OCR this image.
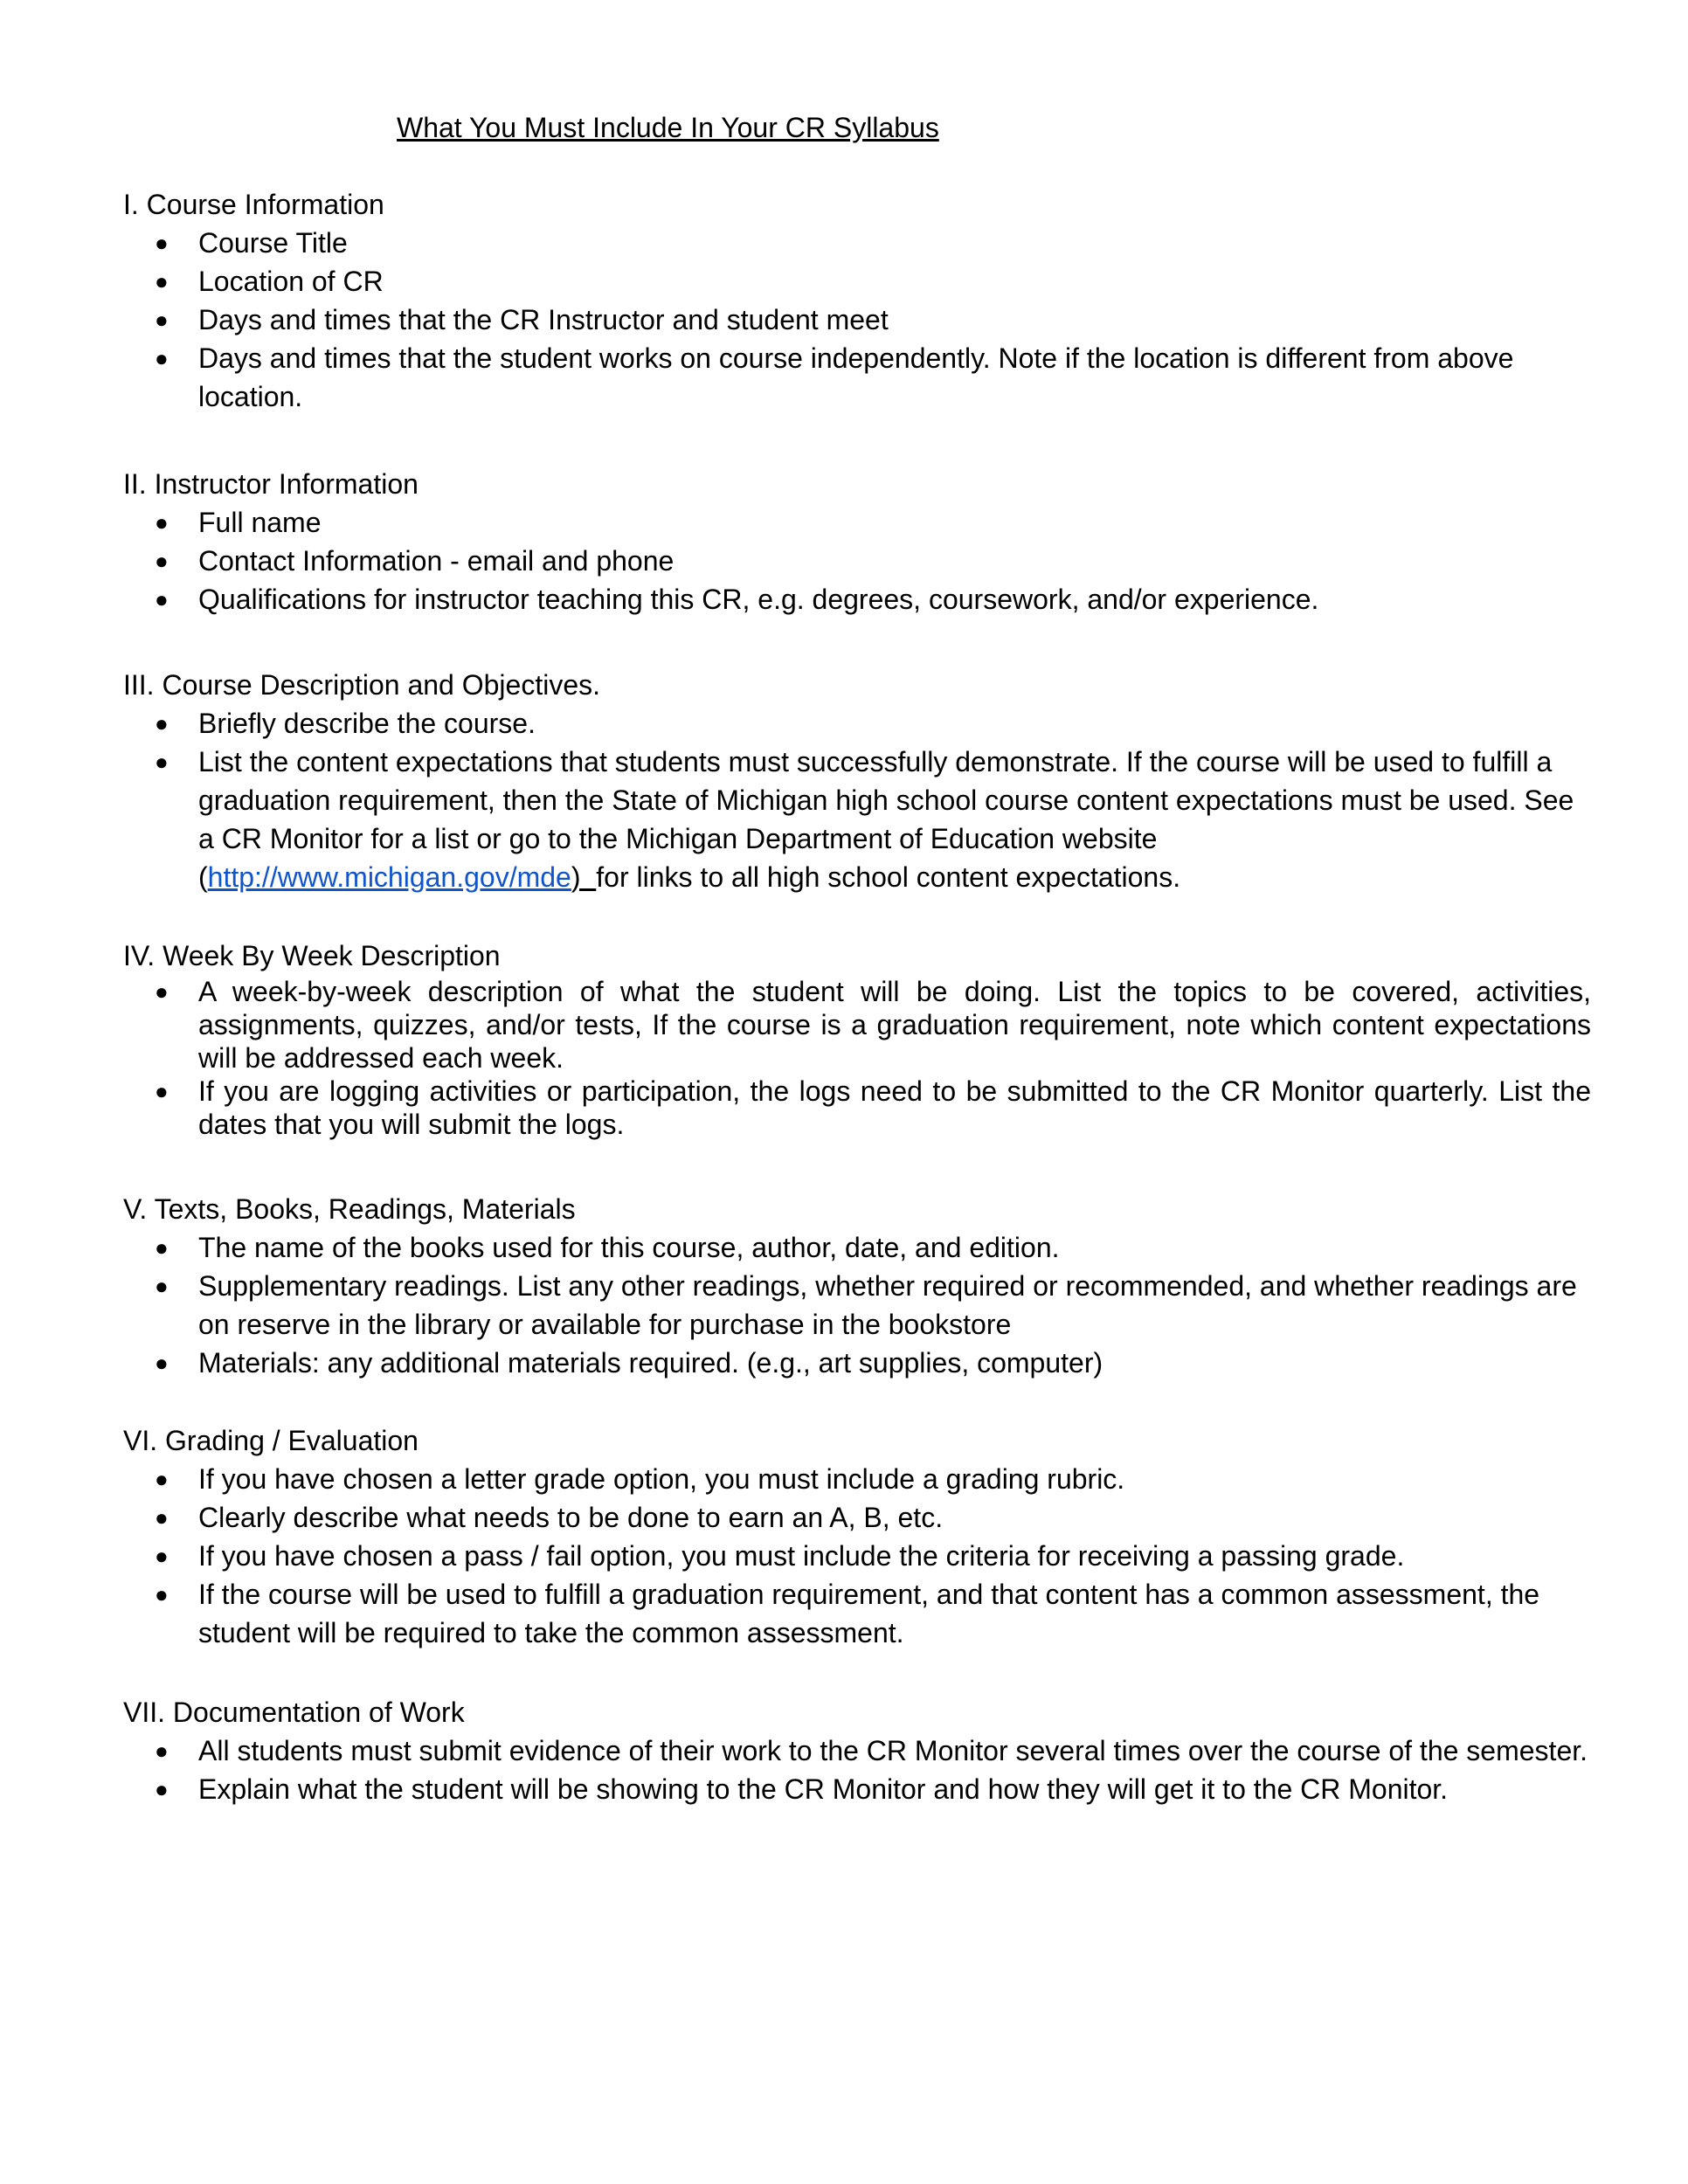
What You Must Include In Your CR Syllabus
I. Course Information
● Course Title
● Location of CR
● Days and times that the CR Instructor and student meet
● Days and times that the student works on course independently. Note if the location is different from above location.
II. Instructor Information
● Full name
● Contact Information - email and phone
● Qualifications for instructor teaching this CR, e.g. degrees, coursework, and/or experience.
III. Course Description and Objectives.
● Briefly describe the course.
● List the content expectations that students must successfully demonstrate. If the course will be used to fulfill a graduation requirement, then the State of Michigan high school course content expectations must be used. See a CR Monitor for a list or go to the Michigan Department of Education website
(http://www.michigan.gov/mde)  for links to all high school content expectations.
IV. Week By Week Description
● A week-by-week description of what the student will be doing. List the topics to be covered, activities, assignments, quizzes, and/or tests, If the course is a graduation requirement, note which content expectations will be addressed each week.
● If you are logging activities or participation, the logs need to be submitted to the CR Monitor quarterly. List the dates that you will submit the logs.
V. Texts, Books, Readings, Materials
● The name of the books used for this course, author, date, and edition.
● Supplementary readings. List any other readings, whether required or recommended, and whether readings are on reserve in the library or available for purchase in the bookstore
● Materials: any additional materials required. (e.g., art supplies, computer)
VI. Grading / Evaluation
● If you have chosen a letter grade option, you must include a grading rubric.
● Clearly describe what needs to be done to earn an A, B, etc.
● If you have chosen a pass / fail option, you must include the criteria for receiving a passing grade.
● If the course will be used to fulfill a graduation requirement, and that content has a common assessment, the student will be required to take the common assessment.
VII. Documentation of Work
● All students must submit evidence of their work to the CR Monitor several times over the course of the semester.
● Explain what the student will be showing to the CR Monitor and how they will get it to the CR Monitor.
